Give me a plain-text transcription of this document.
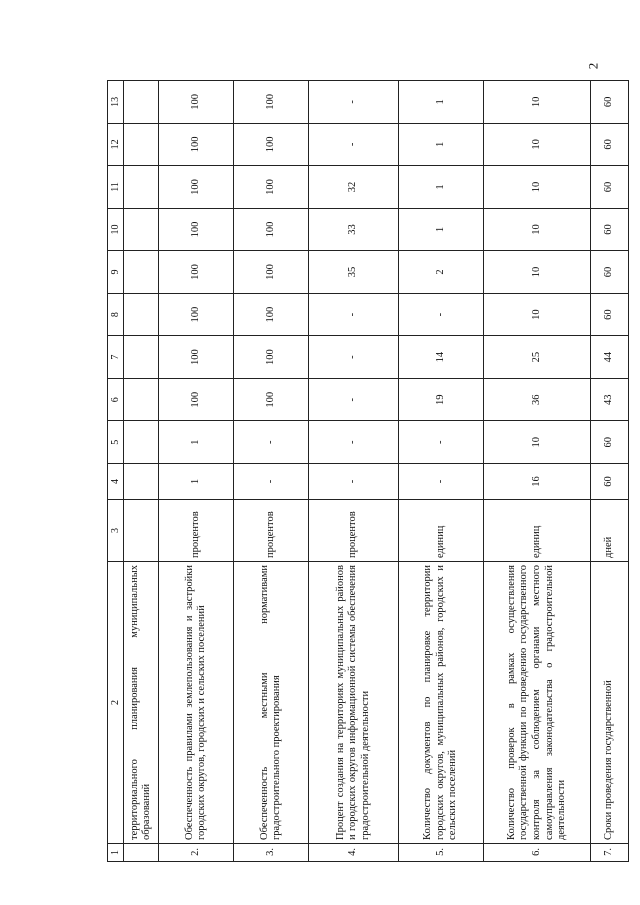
2
1	2	3	4	5	6	7	8	9	10	11	12	13
	территориального планирования муниципальных образований											
2.	Обеспеченность правилами землепользования и застройки городских округов, городских и сельских поселений	процентов	1	1	100	100	100	100	100	100	100	100
3.	Обеспеченность местными нормативами градостроительного проектирования	процентов	-	-	100	100	100	100	100	100	100	100
4.	Процент создания на территориях муниципальных районов и городских округов информационной системы обеспечения градостроительной деятельности	процентов	-	-	-	-	-	35	33	32	-	-
5.	Количество документов по планировке территории городских округов, муниципальных районов, городских и сельских поселений	единиц	-	-	19	14	-	2	1	1	1	1
6.	Количество проверок в рамках осуществления государственной функции по проведению государственного контроля за соблюдением органами местного самоуправления законодательства о градостроительной деятельности	единиц	16	10	36	25	10	10	10	10	10	10
7.	Сроки проведения государственной	дней	60	60	43	44	60	60	60	60	60	60
